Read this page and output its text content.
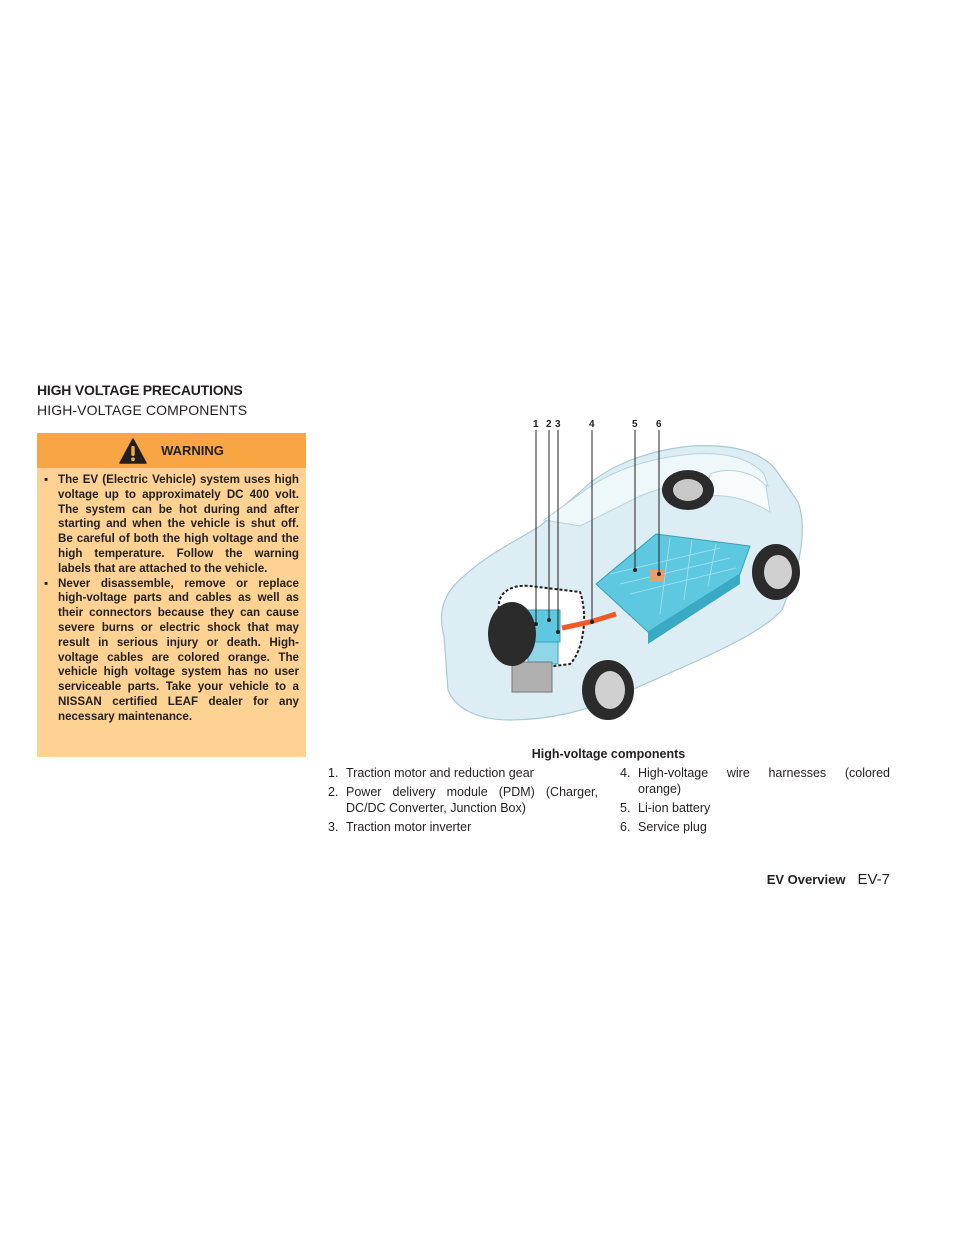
HIGH VOLTAGE PRECAUTIONS
HIGH-VOLTAGE COMPONENTS
WARNING
▪ The EV (Electric Vehicle) system uses high voltage up to approximately DC 400 volt. The system can be hot during and after starting and when the vehicle is shut off. Be careful of both the high voltage and the high temperature. Follow the warning labels that are attached to the vehicle.
▪ Never disassemble, remove or replace high-voltage parts and cables as well as their connectors because they can cause severe burns or electric shock that may result in serious injury or death. High-voltage cables are colored orange. The vehicle high voltage system has no user serviceable parts. Take your vehicle to a NISSAN certified LEAF dealer for any necessary maintenance.
1 2 3	4	5 6

High-voltage components

1. Traction motor and reduction gear
2. Power delivery module (PDM) (Charger, DC/DC Converter, Junction Box)
3. Traction motor inverter
4. High-voltage wire harnesses (colored orange)
5. Li-ion battery
6. Service plug
EV Overview EV-7
